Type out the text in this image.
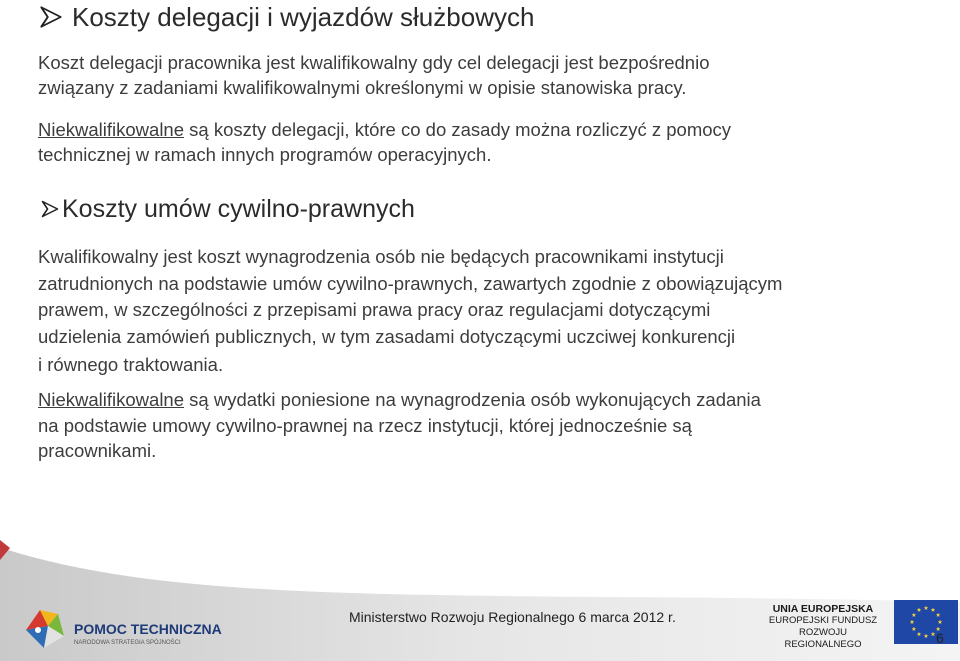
Koszty delegacji i wyjazdów służbowych
Koszt delegacji pracownika jest kwalifikowalny gdy cel delegacji jest bezpośrednio
związany z zadaniami kwalifikowalnymi określonymi w opisie stanowiska pracy.
Niekwalifikowalne są koszty delegacji, które co do zasady można rozliczyć z pomocy
technicznej w ramach innych programów operacyjnych.
Koszty umów cywilno-prawnych
Kwalifikowalny jest koszt wynagrodzenia osób nie będących pracownikami instytucji
zatrudnionych na podstawie umów cywilno-prawnych, zawartych zgodnie z obowiązującym
prawem, w szczególności z przepisami prawa pracy oraz regulacjami dotyczącymi
udzielenia zamówień publicznych, w tym zasadami dotyczącymi uczciwej konkurencji
i równego traktowania.
Niekwalifikowalne są wydatki poniesione na wynagrodzenia osób wykonujących zadania
na podstawie umowy cywilno-prawnej na rzecz instytucji, której jednocześnie są
pracownikami.
POMOC TECHNICZNA
NARODOWA STRATEGIA SPÓJNOŚCI
Ministerstwo Rozwoju Regionalnego 6 marca 2012 r.	UNIA EUROPEJSKA
EUROPEJSKI FUNDUSZ
ROZWOJU REGIONALNEGO	6
